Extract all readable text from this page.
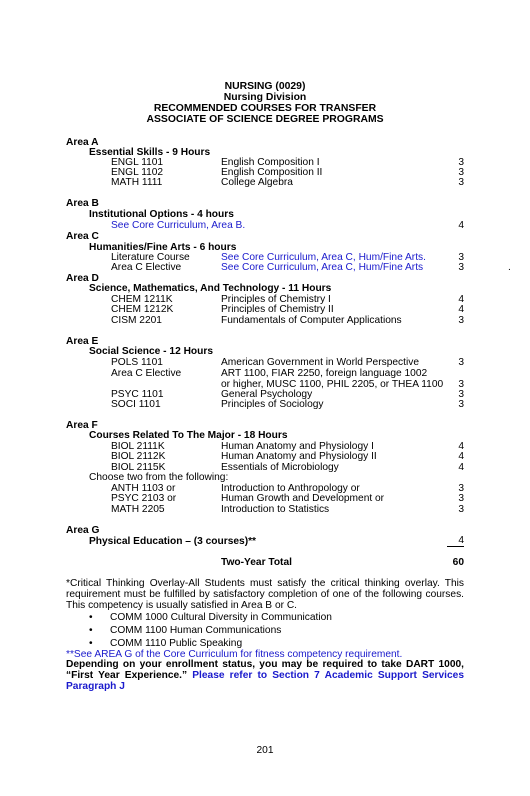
NURSING (0029)
Nursing Division
RECOMMENDED COURSES FOR TRANSFER
ASSOCIATE OF SCIENCE DEGREE PROGRAMS
Area A
Essential Skills - 9 Hours
ENGL 1101	English Composition I	3
ENGL 1102	English Composition II	3
MATH 1111	College Algebra	3
Area B
Institutional Options - 4 hours
See Core Curriculum, Area B.	4
Area C
Humanities/Fine Arts - 6 hours
Literature Course	See Core Curriculum, Area C, Hum/Fine Arts.	3
Area C Elective	See Core Curriculum, Area C, Hum/Fine Arts	3	.
Area D
Science, Mathematics, And Technology - 11 Hours
CHEM 1211K	Principles of Chemistry I	4
CHEM 1212K	Principles of Chemistry II	4
CISM 2201	Fundamentals of Computer Applications	3
Area E
Social Science - 12 Hours
POLS 1101	American Government in World Perspective	3
Area C Elective	ART 1100, FIAR 2250, foreign language 1002
or higher, MUSC 1100, PHIL 2205, or THEA 1100 3
PSYC 1101	General Psychology	3
SOCI 1101	Principles of Sociology	3
Area F
Courses Related To The Major - 18 Hours
BIOL 2111K	Human Anatomy and Physiology I	4
BIOL 2112K	Human Anatomy and Physiology II	4
BIOL 2115K	Essentials of Microbiology	4
Choose two from the following:
ANTH 1103 or	Introduction to Anthropology or	3
PSYC 2103 or	Human Growth and Development or	3
MATH 2205	Introduction to Statistics	3
Area G
Physical Education – (3 courses)**	4
Two-Year Total	60
*Critical Thinking Overlay-All Students must satisfy the critical thinking overlay. This requirement must be fulfilled by satisfactory completion of one of the following courses. This competency is usually satisfied in Area B or C.
• COMM 1000 Cultural Diversity in Communication
• COMM 1100 Human Communications
• COMM 1110 Public Speaking
**See AREA G of the Core Curriculum for fitness competency requirement.
Depending on your enrollment status, you may be required to take DART 1000, “First Year Experience.” Please refer to Section 7 Academic Support Services Paragraph J
201
